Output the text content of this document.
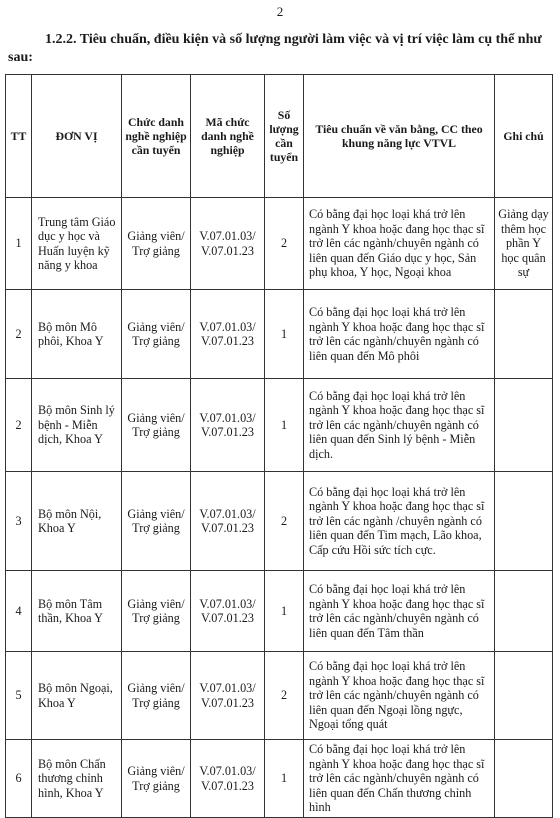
2
1.2.2. Tiêu chuẩn, điều kiện và số lượng người làm việc và vị trí việc làm cụ thể như sau:
TT	ĐƠN VỊ	Chức danh nghề nghiệp cần tuyển	Mã chức danh nghề nghiệp	Số lượng cần tuyển	Tiêu chuẩn về văn bằng, CC theo khung năng lực VTVL	Ghi chú
1	Trung tâm Giáo dục y học và Huấn luyện kỹ năng y khoa	Giảng viên/ Trợ giảng	V.07.01.03/ V.07.01.23	2	Có bằng đại học loại khá trở lên ngành Y khoa hoặc đang học thạc sĩ trở lên các ngành/chuyên ngành có liên quan đến Giáo dục y học, Sản phụ khoa, Y học, Ngoại khoa	Giảng dạy thêm học phần Y học quân sự
2	Bộ môn Mô phôi, Khoa Y	Giảng viên/ Trợ giảng	V.07.01.03/ V.07.01.23	1	Có bằng đại học loại khá trở lên ngành Y khoa hoặc đang học thạc sĩ trở lên các ngành/chuyên ngành có liên quan đến Mô phôi	
2	Bộ môn Sinh lý bệnh - Miễn dịch, Khoa Y	Giảng viên/ Trợ giảng	V.07.01.03/ V.07.01.23	1	Có bằng đại học loại khá trở lên ngành Y khoa hoặc đang học thạc sĩ trở lên các ngành/chuyên ngành có liên quan đến Sinh lý bệnh - Miễn dịch.	
3	Bộ môn Nội, Khoa Y	Giảng viên/ Trợ giảng	V.07.01.03/ V.07.01.23	2	Có bằng đại học loại khá trở lên ngành Y khoa hoặc đang học thạc sĩ trở lên các ngành /chuyên ngành có liên quan đến Tim mạch, Lão khoa, Cấp cứu Hồi sức tích cực.	
4	Bộ môn Tâm thần, Khoa Y	Giảng viên/ Trợ giảng	V.07.01.03/ V.07.01.23	1	Có bằng đại học loại khá trở lên ngành Y khoa hoặc đang học thạc sĩ trở lên các ngành/chuyên ngành có liên quan đến Tâm thần	
5	Bộ môn Ngoại, Khoa Y	Giảng viên/ Trợ giảng	V.07.01.03/ V.07.01.23	2	Có bằng đại học loại khá trở lên ngành Y khoa hoặc đang học thạc sĩ trở lên các ngành/chuyên ngành có liên quan đến Ngoại lồng ngực, Ngoại tổng quát	
6	Bộ môn Chấn thương chỉnh hình, Khoa Y	Giảng viên/ Trợ giảng	V.07.01.03/ V.07.01.23	1	Có bằng đại học loại khá trở lên ngành Y khoa hoặc đang học thạc sĩ trở lên các ngành/chuyên ngành có liên quan đến Chấn thương chỉnh hình	
